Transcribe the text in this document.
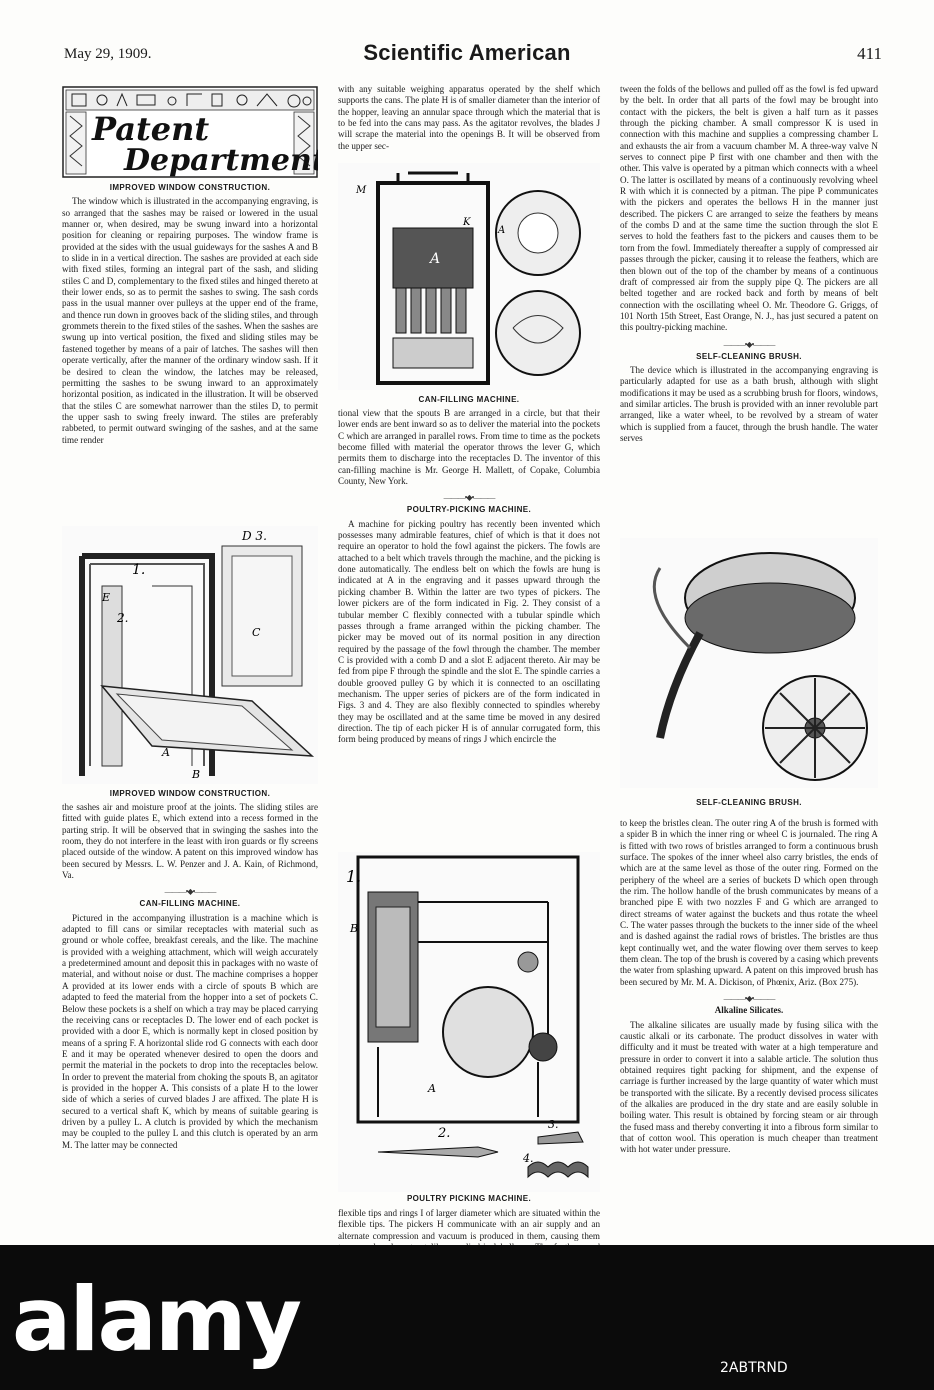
May 29, 1909.	Scientific American	411
Patent
Department
IMPROVED WINDOW CONSTRUCTION.

The window which is illustrated in the accompanying engraving, is so arranged that the sashes may be raised or lowered in the usual manner or, when desired, may be swung inward into a horizontal position for cleaning or repairing purposes. The window frame is provided at the sides with the usual guideways for the sashes A and B to slide in in a vertical direction. The sashes are provided at each side with fixed stiles, forming an integral part of the sash, and sliding stiles C and D, complementary to the fixed stiles and hinged thereto at their lower ends, so as to permit the sashes to swing. The sash cords pass in the usual manner over pulleys at the upper end of the frame, and thence run down in grooves back of the sliding stiles, and through grommets therein to the fixed stiles of the sashes. When the sashes are swung up into vertical position, the fixed and sliding stiles may be fastened together by means of a pair of latches. The sashes will then operate vertically, after the manner of the ordinary window sash. If it be desired to clean the window, the latches may be released, permitting the sashes to be swung inward to an approximately horizontal position, as indicated in the illustration. It will be observed that the stiles C are somewhat narrower than the stiles D, to permit the upper sash to swing freely inward. The stiles are preferably rabbeted, to permit outward swinging of the sashes, and at the same time render

1.
D 3.
2.
A
B
E
C
IMPROVED WINDOW CONSTRUCTION.

the sashes air and moisture proof at the joints. The sliding stiles are fitted with guide plates E, which extend into a recess formed in the parting strip. It will be observed that in swinging the sashes into the room, they do not interfere in the least with iron guards or fly screens placed outside of the window. A patent on this improved window has been secured by Messrs. L. W. Penzer and J. A. Kain, of Richmond, Va.

———•◆•———
CAN-FILLING MACHINE.

Pictured in the accompanying illustration is a machine which is adapted to fill cans or similar receptacles with material such as ground or whole coffee, breakfast cereals, and the like. The machine is provided with a weighing attachment, which will weigh accurately a predetermined amount and deposit this in packages with no waste of material, and without noise or dust. The machine comprises a hopper A provided at its lower ends with a circle of spouts B which are adapted to feed the material from the hopper into a set of pockets C. Below these pockets is a shelf on which a tray may be placed carrying the receiving cans or receptacles D. The lower end of each pocket is provided with a door E, which is normally kept in closed position by means of a spring F. A horizontal slide rod G connects with each door E and it may be operated whenever desired to open the doors and permit the material in the pockets to drop into the receptacles below. In order to prevent the material from choking the spouts B, an agitator is provided in the hopper A. This consists of a plate H to the lower side of which a series of curved blades J are affixed. The plate H is secured to a vertical shaft K, which by means of suitable gearing is driven by a pulley L. A clutch is provided by which the mechanism may be coupled to the pulley L and this clutch is operated by an arm M. The latter may be connected

with any suitable weighing apparatus operated by the shelf which supports the cans. The plate H is of smaller diameter than the interior of the hopper, leaving an annular space through which the material that is to be fed into the cans may pass. As the agitator revolves, the blades J will scrape the material into the openings B. It will be observed from the upper sec-

A
M
K
A
CAN-FILLING MACHINE.

tional view that the spouts B are arranged in a circle, but that their lower ends are bent inward so as to deliver the material into the pockets C which are arranged in parallel rows. From time to time as the pockets become filled with material the operator throws the lever G, which permits them to discharge into the receptacles D. The inventor of this can-filling machine is Mr. George H. Mallett, of Copake, Columbia County, New York.

———•◆•———
POULTRY-PICKING MACHINE.

A machine for picking poultry has recently been invented which possesses many admirable features, chief of which is that it does not require an operator to hold the fowl against the pickers. The fowls are attached to a belt which travels through the machine, and the picking is done automatically. The endless belt on which the fowls are hung is indicated at A in the engraving and it passes upward through the picking chamber B. Within the latter are two types of pickers. The lower pickers are of the form indicated in Fig. 2. They consist of a tubular member C flexibly connected with a tubular spindle which passes through a frame arranged within the picking chamber. The picker may be moved out of its normal position in any direction required by the passage of the fowl through the chamber. The member C is provided with a comb D and a slot E adjacent thereto. Air may be fed from pipe F through the spindle and the slot E. The spindle carries a double grooved pulley G by which it is connected to an oscillating mechanism. The upper series of pickers are of the form indicated in Figs. 3 and 4. They are also flexibly connected to spindles whereby they may be oscillated and at the same time be moved in any desired direction. The tip of each picker H is of annular corrugated form, this form being produced by means of rings J which encircle the

1.
B
A
2.
3.
4.
POULTRY PICKING MACHINE.

flexible tips and rings I of larger diameter which are situated within the flexible tips. The pickers H communicate with an air supply and an alternate compression and vacuum is produced in them, causing them

tween the folds of the bellows and pulled off as the fowl is fed upward by the belt. In order that all parts of the fowl may be brought into contact with the pickers, the belt is given a half turn as it passes through the picking chamber. A small compressor K is used in connection with this machine and supplies a compressing chamber L and exhausts the air from a vacuum chamber M. A three-way valve N serves to connect pipe P first with one chamber and then with the other. This valve is operated by a pitman which connects with a wheel O. The latter is oscillated by means of a continuously revolving wheel R with which it is connected by a pitman. The pipe P communicates with the pickers and operates the bellows H in the manner just described. The pickers C are arranged to seize the feathers by means of the combs D and at the same time the suction through the slot E serves to hold the feathers fast to the pickers and causes them to be torn from the fowl. Immediately thereafter a supply of compressed air passes through the picker, causing it to release the feathers, which are then blown out of the top of the chamber by means of a continuous draft of compressed air from the supply pipe Q. The pickers are all belted together and are rocked back and forth by means of belt connection with the oscillating wheel O. Mr. Theodore G. Griggs, of 101 North 15th Street, East Orange, N. J., has just secured a patent on this poultry-picking machine.

———•◆•———
SELF-CLEANING BRUSH.

The device which is illustrated in the accompanying engraving is particularly adapted for use as a bath brush, although with slight modifications it may be used as a scrubbing brush for floors, windows, and similar articles. The brush is provided with an inner revoluble part arranged, like a water wheel, to be revolved by a stream of water which is supplied from a faucet, through the brush handle. The water serves

SELF-CLEANING BRUSH.

to keep the bristles clean. The outer ring A of the brush is formed with a spider B in which the inner ring or wheel C is journaled. The ring A is fitted with two rows of bristles arranged to form a continuous brush surface. The spokes of the inner wheel also carry bristles, the ends of which are at the same level as those of the outer ring. Formed on the periphery of the wheel are a series of buckets D which open through the rim. The hollow handle of the brush communicates by means of a branched pipe E with two nozzles F and G which are arranged to direct streams of water against the buckets and thus rotate the wheel C. The water passes through the buckets to the inner side of the wheel and is dashed against the radial rows of bristles. The bristles are thus kept continually wet, and the water flowing over them serves to keep them clean. The top of the brush is covered by a casing which prevents the water from splashing upward. A patent on this improved brush has been secured by Mr. M. A. Dickison, of Phœnix, Ariz. (Box 275).

———•◆•———
Alkaline Silicates.

The alkaline silicates are usually made by fusing silica with the caustic alkali or its carbonate. The product dissolves in water with difficulty and it must be treated with water at a high temperature and pressure in order to convert it into a salable article. The solution thus obtained requires tight packing for shipment, and the expense of carriage is further increased by the large quantity of water which must be transported with the silicate. By a recently devised process silicates of the alkalies are produced in the dry state and are easily soluble in boiling water. This result is obtained by forcing steam or air through the fused mass and thereby converting it into a fibrous form similar to that of cotton wool. This operation is much cheaper than treatment with hot water under pressure.

alamy	2ABTRND
